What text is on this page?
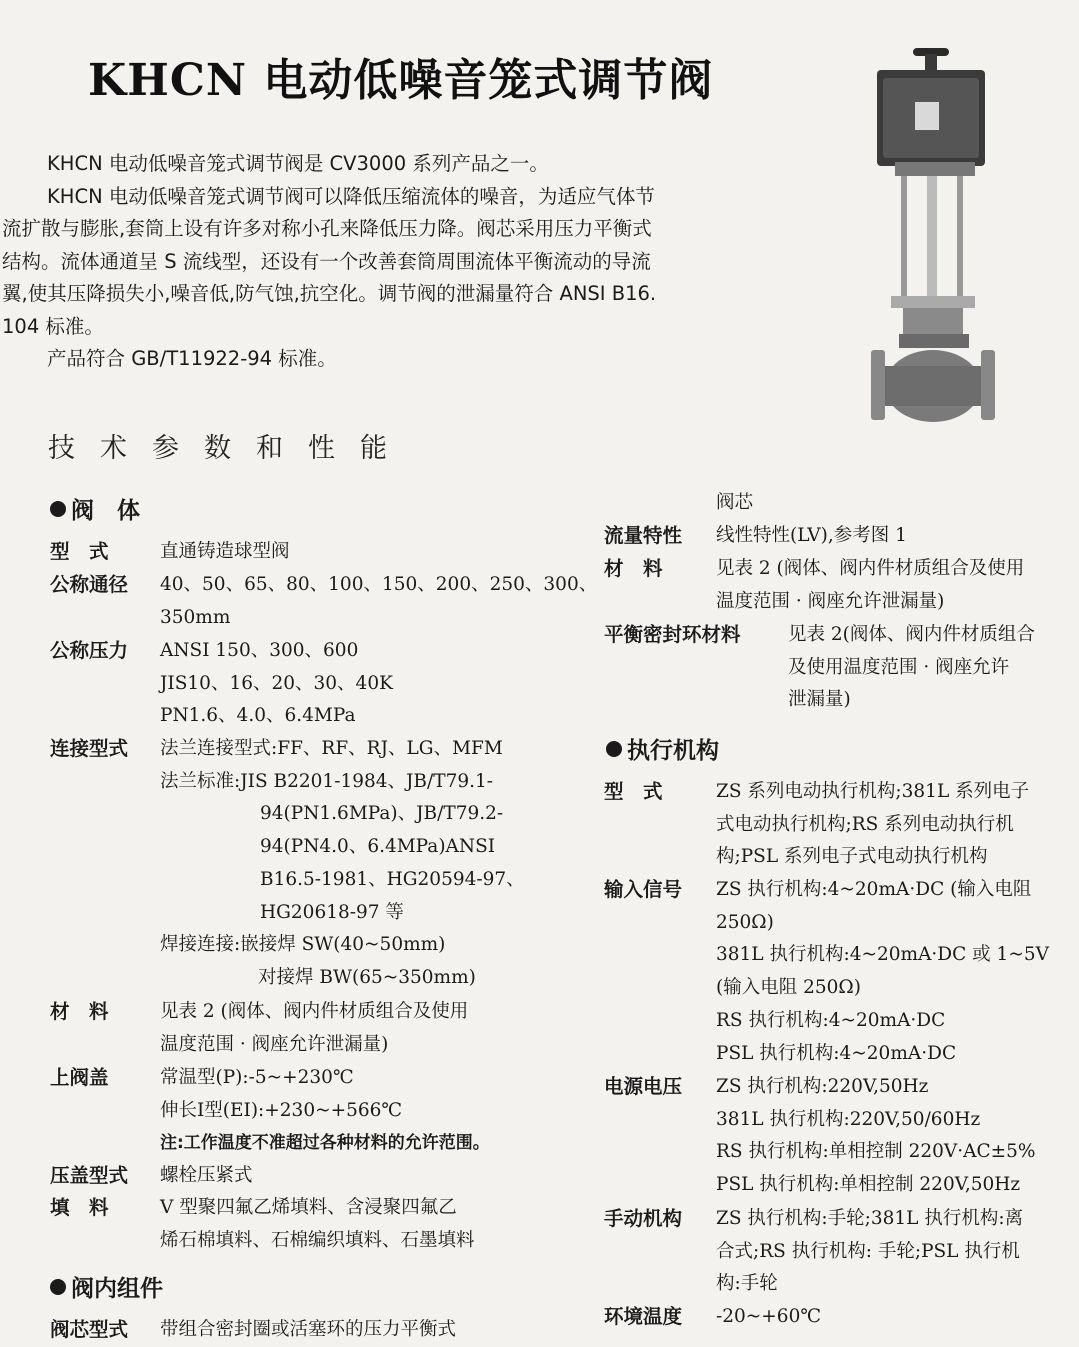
KHCN 电动低噪音笼式调节阀

KHCN 电动低噪音笼式调节阀是 CV3000 系列产品之一。

KHCN 电动低噪音笼式调节阀可以降低压缩流体的噪音，为适应气体节

流扩散与膨胀,套筒上设有许多对称小孔来降低压力降。阀芯采用压力平衡式

结构。流体通道呈 S 流线型，还设有一个改善套筒周围流体平衡流动的导流

翼,使其压降损失小,噪音低,防气蚀,抗空化。调节阀的泄漏量符合 ANSI B16.

104 标准。

产品符合 GB/T11922-94 标准。

技术参数和性能
阀　体
型　式	直通铸造球型阀
公称通径 40、50、65、80、100、150、200、250、300、
350mm
公称压力 ANSI 150、300、600
JIS10、16、20、30、40K
PN1.6、4.0、6.4MPa
连接型式 法兰连接型式:FF、RF、RJ、LG、MFM
法兰标准:JIS B2201-1984、JB/T79.1-
94(PN1.6MPa)、JB/T79.2-
94(PN4.0、6.4MPa)ANSI
B16.5-1981、HG20594-97、
HG20618-97 等
焊接连接:嵌接焊 SW(40~50mm)
对接焊 BW(65~350mm)
材　料	见表 2 (阀体、阀内件材质组合及使用
温度范围 · 阀座允许泄漏量)
上阀盖	常温型(P):-5~+230℃
伸长Ⅰ型(EⅠ):+230~+566℃
注:工作温度不准超过各种材料的允许范围。
压盖型式 螺栓压紧式
填　料	V 型聚四氟乙烯填料、含浸聚四氟乙
烯石棉填料、石棉编织填料、石墨填料
阀内组件
阀芯型式 带组合密封圈或活塞环的压力平衡式
阀芯
流量特性 线性特性(LV),参考图 1
材　料	见表 2 (阀体、阀内件材质组合及使用
温度范围 · 阀座允许泄漏量)
平衡密封环材料	见表 2(阀体、阀内件材质组合
及使用温度范围 · 阀座允许
泄漏量)
执行机构
型　式	ZS 系列电动执行机构;381L 系列电子
式电动执行机构;RS 系列电动执行机
构;PSL 系列电子式电动执行机构
输入信号 ZS 执行机构:4~20mA·DC (输入电阻
250Ω)
381L 执行机构:4~20mA·DC 或 1~5V
(输入电阻 250Ω)
RS 执行机构:4~20mA·DC
PSL 执行机构:4~20mA·DC
电源电压 ZS 执行机构:220V,50Hz
381L 执行机构:220V,50/60Hz
RS 执行机构:单相控制 220V·AC±5%
PSL 执行机构:单相控制 220V,50Hz
手动机构 ZS 执行机构:手轮;381L 执行机构:离
合式;RS 执行机构: 手轮;PSL 执行机
构:手轮
环境温度 -20~+60℃
